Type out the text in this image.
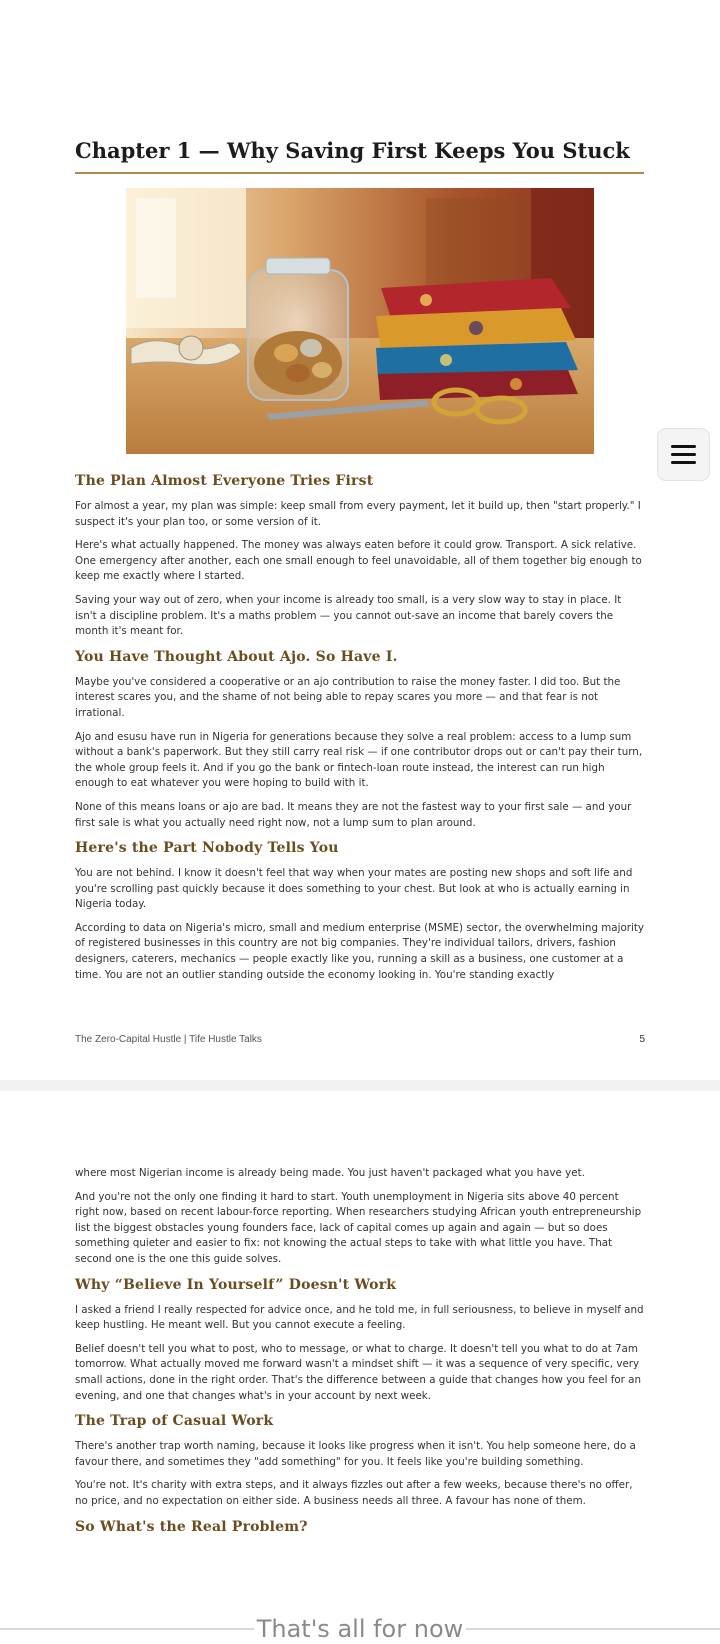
Chapter 1 — Why Saving First Keeps You Stuck
The Plan Almost Everyone Tries First

For almost a year, my plan was simple: keep small from every payment, let it build up, then "start properly." I suspect it's your plan too, or some version of it.

Here's what actually happened. The money was always eaten before it could grow. Transport. A sick relative. One emergency after another, each one small enough to feel unavoidable, all of them together big enough to keep me exactly where I started.

Saving your way out of zero, when your income is already too small, is a very slow way to stay in place. It isn't a discipline problem. It's a maths problem — you cannot out-save an income that barely covers the month it's meant for.

You Have Thought About Ajo. So Have I.

Maybe you've considered a cooperative or an ajo contribution to raise the money faster. I did too. But the interest scares you, and the shame of not being able to repay scares you more — and that fear is not irrational.

Ajo and esusu have run in Nigeria for generations because they solve a real problem: access to a lump sum without a bank's paperwork. But they still carry real risk — if one contributor drops out or can't pay their turn, the whole group feels it. And if you go the bank or fintech-loan route instead, the interest can run high enough to eat whatever you were hoping to build with it.

None of this means loans or ajo are bad. It means they are not the fastest way to your first sale — and your first sale is what you actually need right now, not a lump sum to plan around.

Here's the Part Nobody Tells You

You are not behind. I know it doesn't feel that way when your mates are posting new shops and soft life and you're scrolling past quickly because it does something to your chest. But look at who is actually earning in Nigeria today.

According to data on Nigeria's micro, small and medium enterprise (MSME) sector, the overwhelming majority of registered businesses in this country are not big companies. They're individual tailors, drivers, fashion designers, caterers, mechanics — people exactly like you, running a skill as a business, one customer at a time. You are not an outlier standing outside the economy looking in. You're standing exactly

The Zero-Capital Hustle | Tife Hustle Talks	5

where most Nigerian income is already being made. You just haven't packaged what you have yet.

And you're not the only one finding it hard to start. Youth unemployment in Nigeria sits above 40 percent right now, based on recent labour-force reporting. When researchers studying African youth entrepreneurship list the biggest obstacles young founders face, lack of capital comes up again and again — but so does something quieter and easier to fix: not knowing the actual steps to take with what little you have. That second one is the one this guide solves.

Why “Believe In Yourself” Doesn't Work

I asked a friend I really respected for advice once, and he told me, in full seriousness, to believe in myself and keep hustling. He meant well. But you cannot execute a feeling.

Belief doesn't tell you what to post, who to message, or what to charge. It doesn't tell you what to do at 7am tomorrow. What actually moved me forward wasn't a mindset shift — it was a sequence of very specific, very small actions, done in the right order. That's the difference between a guide that changes how you feel for an evening, and one that changes what's in your account by next week.

The Trap of Casual Work

There's another trap worth naming, because it looks like progress when it isn't. You help someone here, do a favour there, and sometimes they "add something" for you. It feels like you're building something.

You're not. It's charity with extra steps, and it always fizzles out after a few weeks, because there's no offer, no price, and no expectation on either side. A business needs all three. A favour has none of them.

So What's the Real Problem?
That's all for now
